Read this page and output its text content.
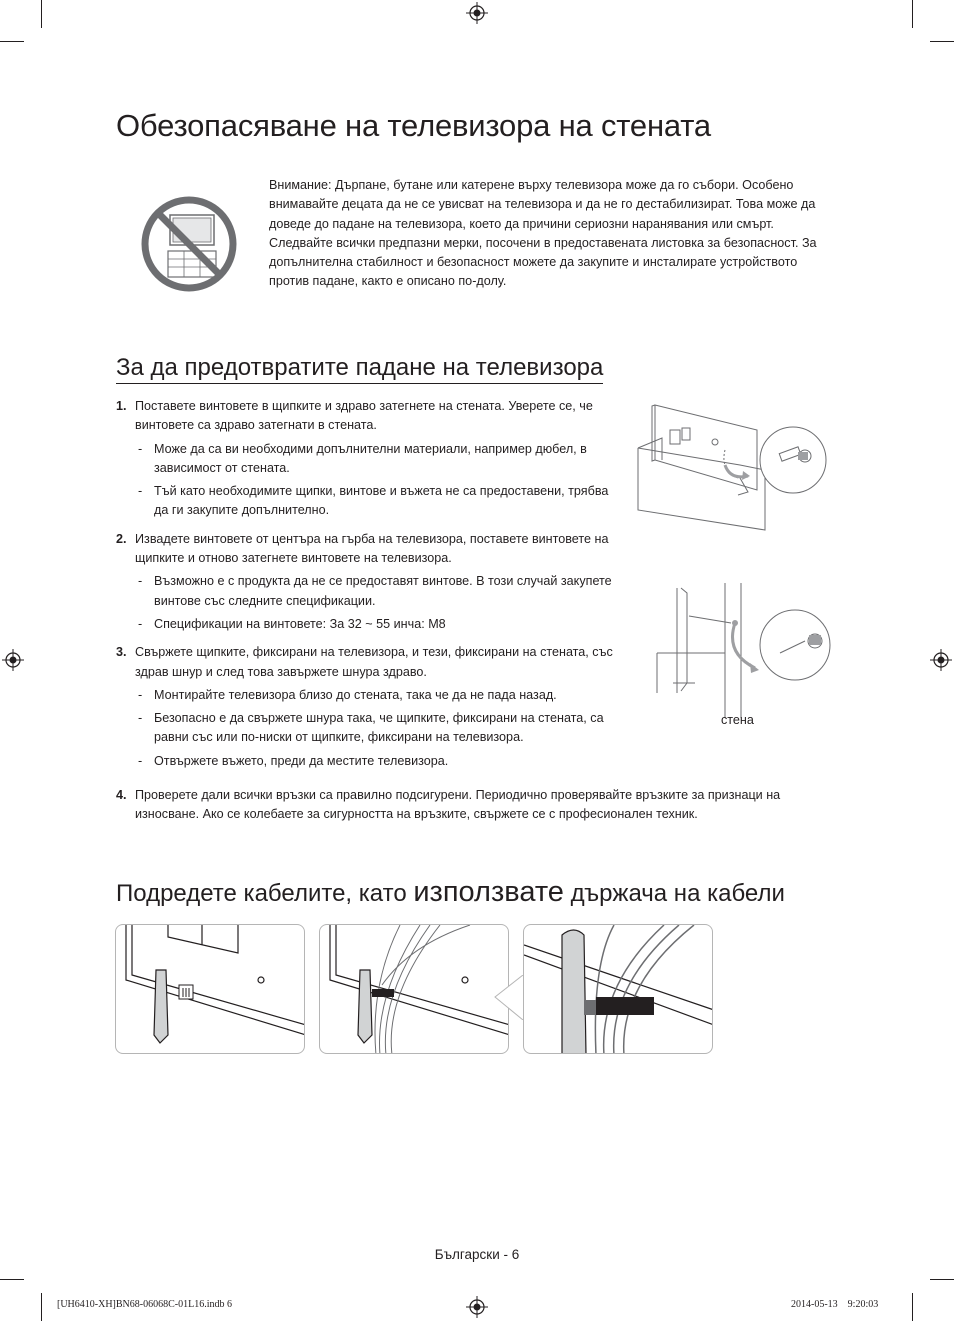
Обезопасяване на телевизора на стената

Внимание: Дърпане, бутане или катерене върху телевизора може да го събори. Особено внимавайте децата да не се увисват на телевизора и да не го дестабилизират. Това може да доведе до падане на телевизора, което да причини сериозни наранявания или смърт. Следвайте всички предпазни мерки, посочени в предоставената листовка за безопасност. За допълнителна стабилност и безопасност можете да закупите и инсталирате устройството против падане, както е описано по-долу.

За да предотвратите падане на телевизора
1. Поставете винтовете в щипките и здраво затегнете на стената. Уверете се, че винтовете са здраво затегнати в стената.
- Може да са ви необходими допълнителни материали, например дюбел, в зависимост от стената.
- Тъй като необходимите щипки, винтове и въжета не са предоставени, трябва да ги закупите допълнително.
2. Извадете винтовете от центъра на гърба на телевизора, поставете винтовете на щипките и отново затегнете винтовете на телевизора.
- Възможно е с продукта да не се предоставят винтове. В този случай закупете винтове със следните спецификации.
- Спецификации на винтовете: За 32 ~ 55 инча: M8
3. Свържете щипките, фиксирани на телевизора, и тези, фиксирани на стената, със здрав шнур и след това завържете шнура здраво.
- Монтирайте телевизора близо до стената, така че да не пада назад.
- Безопасно е да свържете шнура така, че щипките, фиксирани на стената, са равни със или по-ниски от щипките, фиксирани на телевизора.
- Отвържете въжето, преди да местите телевизора.
4. Проверете дали всички връзки са правилно подсигурени. Периодично проверявайте връзките за признаци на износване. Ако се колебаете за сигурността на връзките, свържете се с професионален техник.
стена
Подредете кабелите, като използвате държача на кабели
Български - 6
[UH6410-XH]BN68-06068C-01L16.indb 6	2014-05-13   9:20:03
